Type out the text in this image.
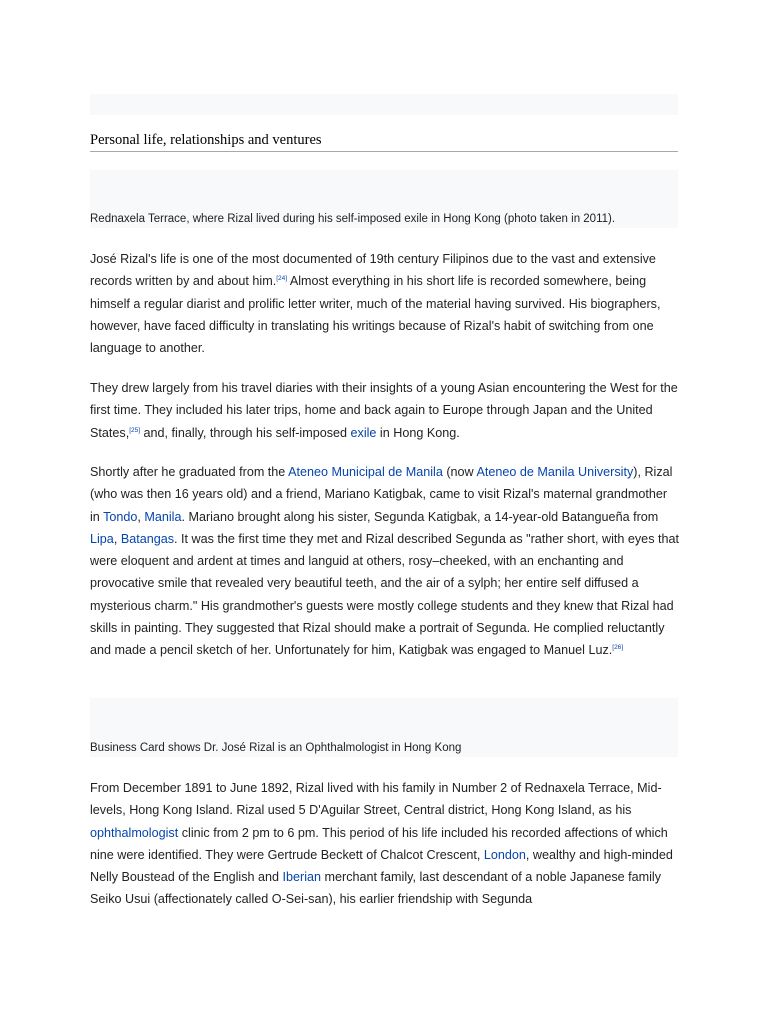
Personal life, relationships and ventures
Rednaxela Terrace, where Rizal lived during his self-imposed exile in Hong Kong (photo taken in 2011).

José Rizal's life is one of the most documented of 19th century Filipinos due to the vast and extensive records written by and about him.[24] Almost everything in his short life is recorded somewhere, being himself a regular diarist and prolific letter writer, much of the material having survived. His biographers, however, have faced difficulty in translating his writings because of Rizal's habit of switching from one language to another.

They drew largely from his travel diaries with their insights of a young Asian encountering the West for the first time. They included his later trips, home and back again to Europe through Japan and the United States,[25] and, finally, through his self-imposed exile in Hong Kong.

Shortly after he graduated from the Ateneo Municipal de Manila (now Ateneo de Manila University), Rizal (who was then 16 years old) and a friend, Mariano Katigbak, came to visit Rizal's maternal grandmother in Tondo, Manila. Mariano brought along his sister, Segunda Katigbak, a 14-year-old Batangueña from Lipa, Batangas. It was the first time they met and Rizal described Segunda as "rather short, with eyes that were eloquent and ardent at times and languid at others, rosy–cheeked, with an enchanting and provocative smile that revealed very beautiful teeth, and the air of a sylph; her entire self diffused a mysterious charm." His grandmother's guests were mostly college students and they knew that Rizal had skills in painting. They suggested that Rizal should make a portrait of Segunda. He complied reluctantly and made a pencil sketch of her. Unfortunately for him, Katigbak was engaged to Manuel Luz.[26]

Business Card shows Dr. José Rizal is an Ophthalmologist in Hong Kong

From December 1891 to June 1892, Rizal lived with his family in Number 2 of Rednaxela Terrace, Mid-levels, Hong Kong Island. Rizal used 5 D'Aguilar Street, Central district, Hong Kong Island, as his ophthalmologist clinic from 2 pm to 6 pm. This period of his life included his recorded affections of which nine were identified. They were Gertrude Beckett of Chalcot Crescent, London, wealthy and high-minded Nelly Boustead of the English and Iberian merchant family, last descendant of a noble Japanese family Seiko Usui (affectionately called O-Sei-san), his earlier friendship with Segunda
